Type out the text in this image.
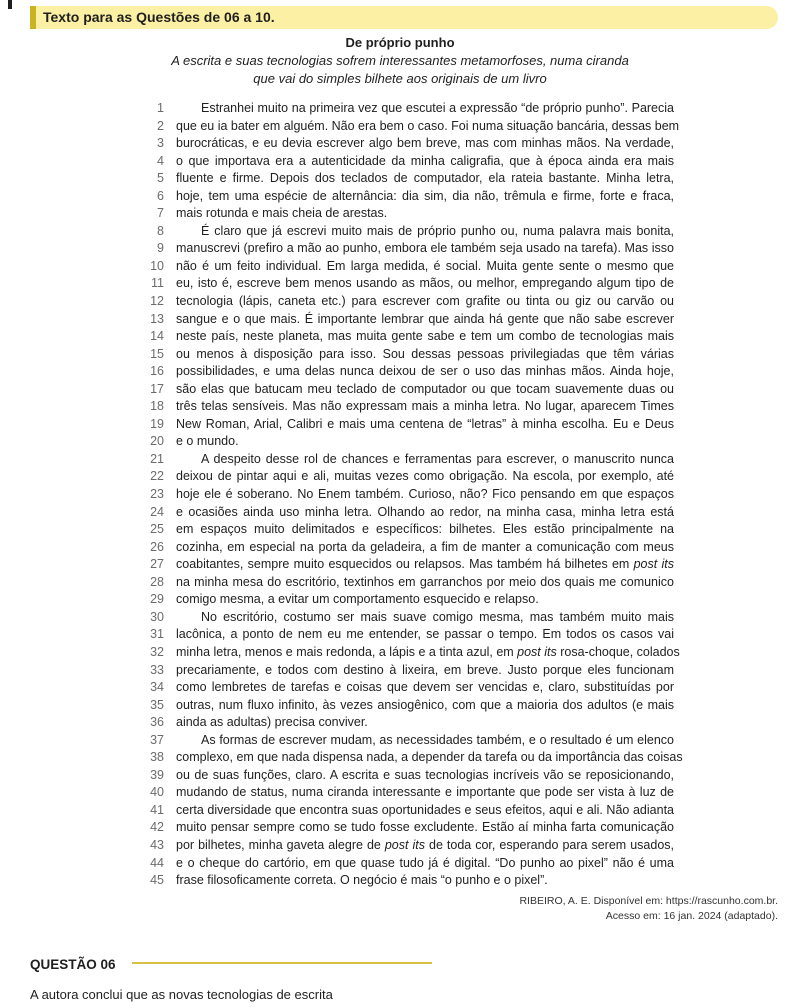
Texto para as Questões de 06 a 10.
De próprio punho
A escrita e suas tecnologias sofrem interessantes metamorfoses, numa ciranda
que vai do simples bilhete aos originais de um livro
1	Estranhei muito na primeira vez que escutei a expressão “de próprio punho”. Parecia
2 que eu ia bater em alguém. Não era bem o caso. Foi numa situação bancária, dessas bem
3 burocráticas, e eu devia escrever algo bem breve, mas com minhas mãos. Na verdade,
4 o que importava era a autenticidade da minha caligrafia, que à época ainda era mais
5 fluente e firme. Depois dos teclados de computador, ela rateia bastante. Minha letra,
6 hoje, tem uma espécie de alternância: dia sim, dia não, trêmula e firme, forte e fraca,
7 mais rotunda e mais cheia de arestas.
8	É claro que já escrevi muito mais de próprio punho ou, numa palavra mais bonita,
9 manuscrevi (prefiro a mão ao punho, embora ele também seja usado na tarefa). Mas isso
10 não é um feito individual. Em larga medida, é social. Muita gente sente o mesmo que
11 eu, isto é, escreve bem menos usando as mãos, ou melhor, empregando algum tipo de
12 tecnologia (lápis, caneta etc.) para escrever com grafite ou tinta ou giz ou carvão ou
13 sangue e o que mais. É importante lembrar que ainda há gente que não sabe escrever
14 neste país, neste planeta, mas muita gente sabe e tem um combo de tecnologias mais
15 ou menos à disposição para isso. Sou dessas pessoas privilegiadas que têm várias
16 possibilidades, e uma delas nunca deixou de ser o uso das minhas mãos. Ainda hoje,
17 são elas que batucam meu teclado de computador ou que tocam suavemente duas ou
18 três telas sensíveis. Mas não expressam mais a minha letra. No lugar, aparecem Times
19 New Roman, Arial, Calibri e mais uma centena de “letras” à minha escolha. Eu e Deus
20 e o mundo.
21	A despeito desse rol de chances e ferramentas para escrever, o manuscrito nunca
22 deixou de pintar aqui e ali, muitas vezes como obrigação. Na escola, por exemplo, até
23 hoje ele é soberano. No Enem também. Curioso, não? Fico pensando em que espaços
24 e ocasiões ainda uso minha letra. Olhando ao redor, na minha casa, minha letra está
25 em espaços muito delimitados e específicos: bilhetes. Eles estão principalmente na
26 cozinha, em especial na porta da geladeira, a fim de manter a comunicação com meus
27 coabitantes, sempre muito esquecidos ou relapsos. Mas também há bilhetes em post its
28 na minha mesa do escritório, textinhos em garranchos por meio dos quais me comunico
29 comigo mesma, a evitar um comportamento esquecido e relapso.
30	No escritório, costumo ser mais suave comigo mesma, mas também muito mais
31 lacônica, a ponto de nem eu me entender, se passar o tempo. Em todos os casos vai
32 minha letra, menos e mais redonda, a lápis e a tinta azul, em post its rosa-choque, colados
33 precariamente, e todos com destino à lixeira, em breve. Justo porque eles funcionam
34 como lembretes de tarefas e coisas que devem ser vencidas e, claro, substituídas por
35 outras, num fluxo infinito, às vezes ansiogênico, com que a maioria dos adultos (e mais
36 ainda as adultas) precisa conviver.
37	As formas de escrever mudam, as necessidades também, e o resultado é um elenco
38 complexo, em que nada dispensa nada, a depender da tarefa ou da importância das coisas
39 ou de suas funções, claro. A escrita e suas tecnologias incríveis vão se reposicionando,
40 mudando de status, numa ciranda interessante e importante que pode ser vista à luz de
41 certa diversidade que encontra suas oportunidades e seus efeitos, aqui e ali. Não adianta
42 muito pensar sempre como se tudo fosse excludente. Estão aí minha farta comunicação
43 por bilhetes, minha gaveta alegre de post its de toda cor, esperando para serem usados,
44 e o cheque do cartório, em que quase tudo já é digital. “Do punho ao pixel” não é uma
45 frase filosoficamente correta. O negócio é mais “o punho e o pixel”.
RIBEIRO, A. E. Disponível em: https://rascunho.com.br.
Acesso em: 16 jan. 2024 (adaptado).
QUESTÃO 06
A autora conclui que as novas tecnologias de escrita
